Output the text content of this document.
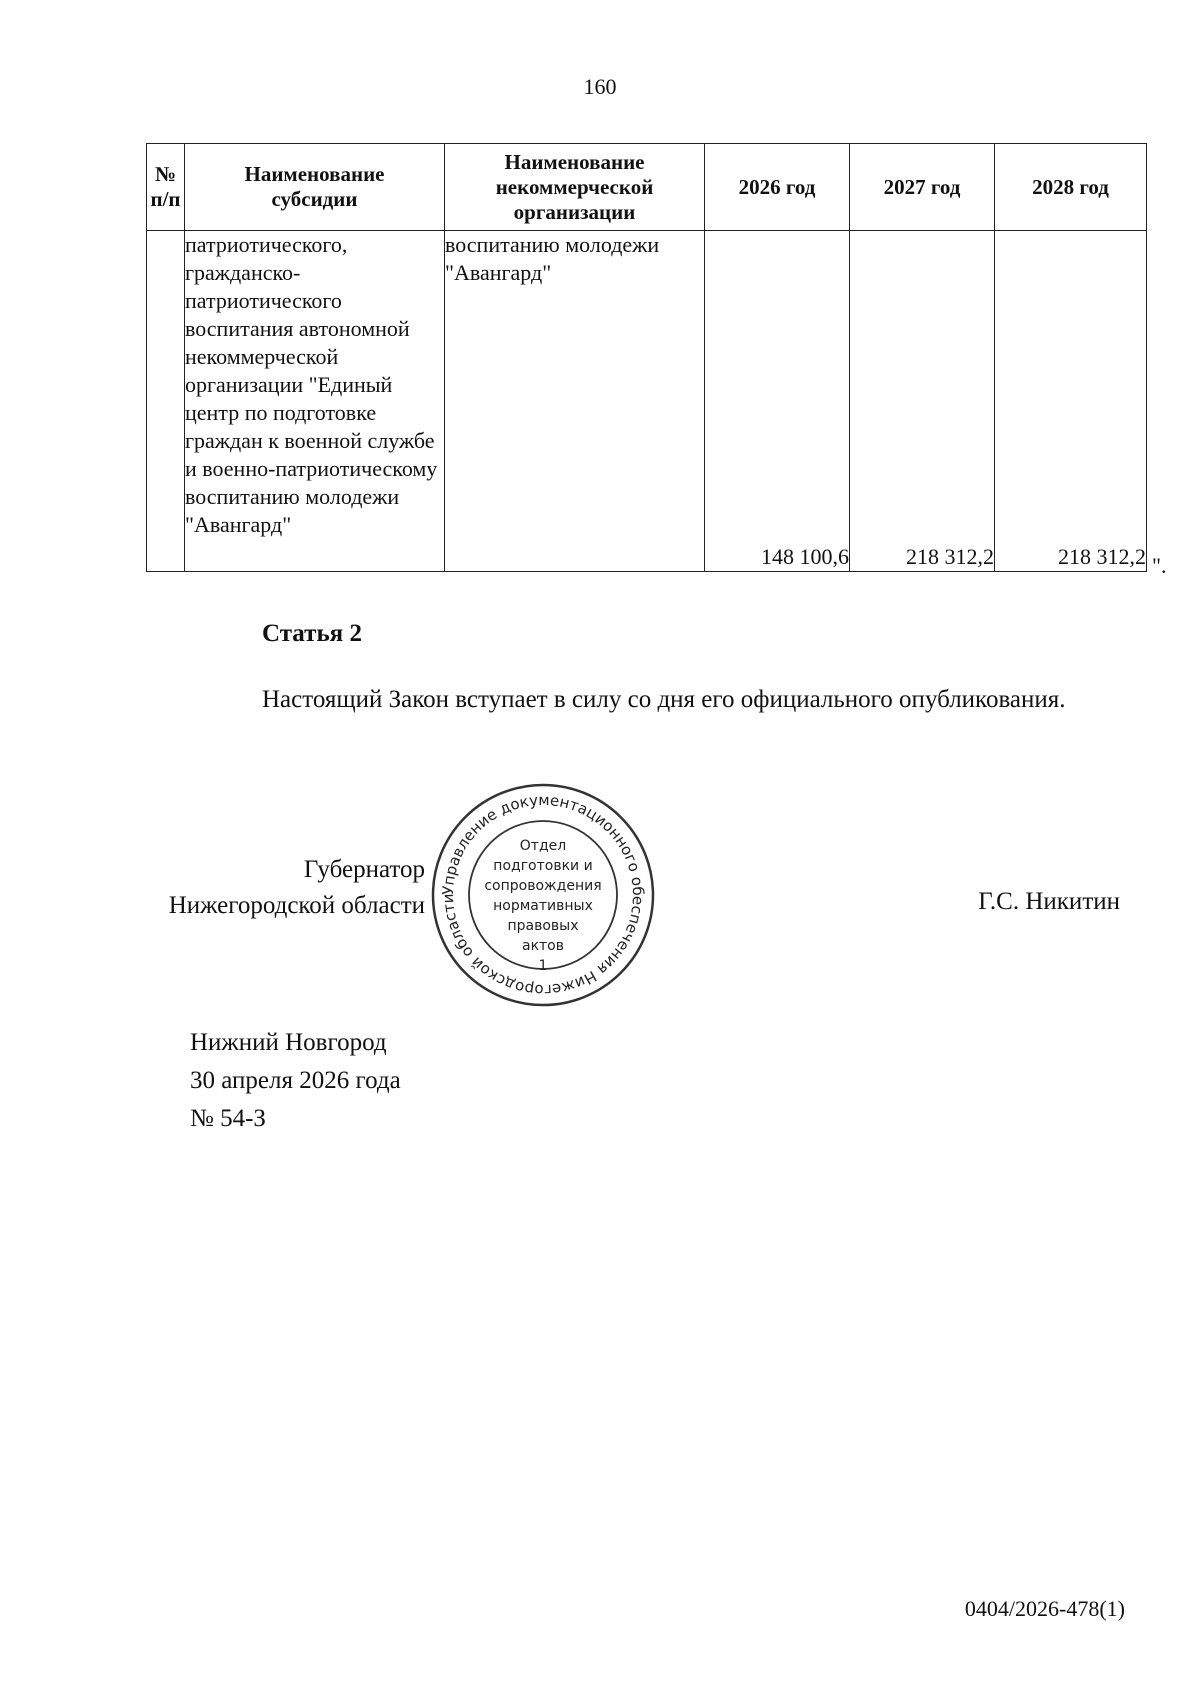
160
№
п/п	Наименование субсидии	Наименование некоммерческой организации	2026 год	2027 год	2028 год
	патриотического, гражданско-патриотического воспитания автономной некоммерческой организации "Единый центр по подготовке граждан к военной службе и военно-патриотическому воспитанию молодежи "Авангард"	воспитанию молодежи "Авангард"	148 100,6	218 312,2	218 312,2 ".
Статья 2
Настоящий Закон вступает в силу со дня его официального опубликования.
Губернатор Нижегородской области	Г.С. Никитин
Управление документационного обеспечения Нижегородской области
Отдел
подготовки и
сопровождения
нормативных
правовых
актов
1
Нижний Новгород
30 апреля 2026 года
№ 54-З
0404/2026-478(1)
